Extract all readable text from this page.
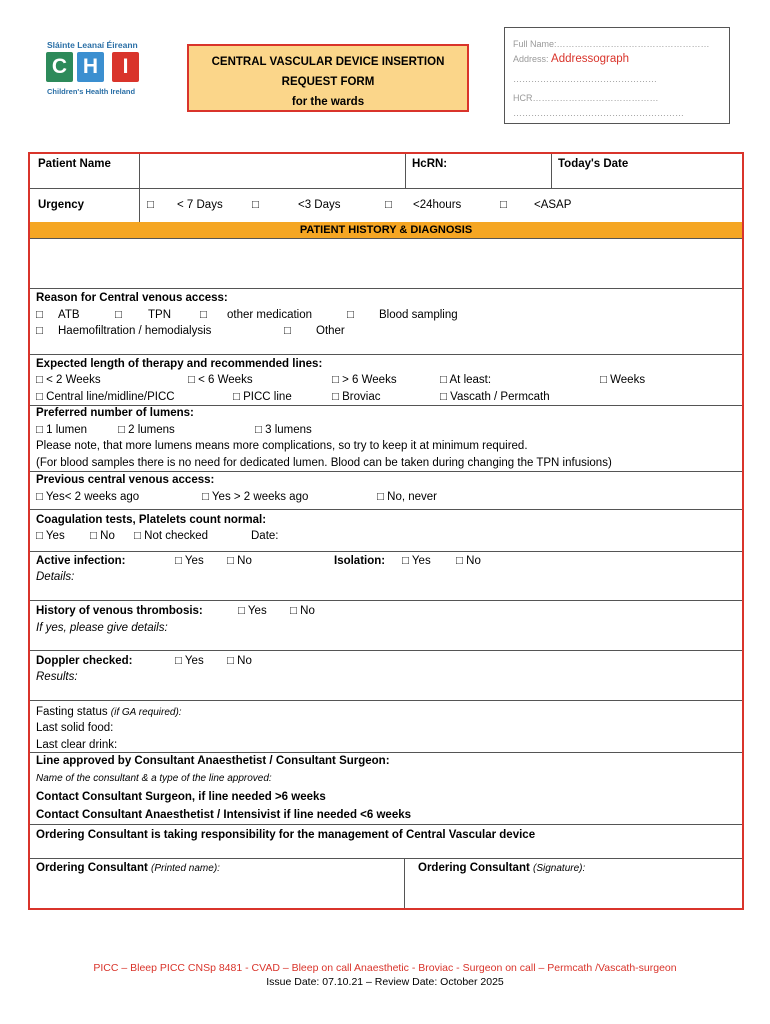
Sláinte Leanaí Éireann
C H	I
Children's Health Ireland
CENTRAL VASCULAR DEVICE INSERTION
REQUEST FORM
for the wards
Full Name:……………………………………………
Address: Addressograph
…………………………………………
HCR……………………………………
…………………………………………………
Patient Name	HcRN:	Today's Date
Urgency	□ < 7 Days	□	<3 Days	□ <24hours	□ <ASAP
PATIENT HISTORY & DIAGNOSIS
Reason for Central venous access:
□ ATB	□ TPN	□ other medication	□ Blood sampling
□ Haemofiltration / hemodialysis	□ Other
Expected length of therapy and recommended lines:
□ < 2 Weeks	□ < 6 Weeks	□ > 6 Weeks	□ At least:	□ Weeks
□ Central line/midline/PICC	□ PICC line	□ Broviac	□ Vascath / Permcath
Preferred number of lumens:
□ 1 lumen	□ 2 lumens	□ 3 lumens
Please note, that more lumens means more complications, so try to keep it at minimum required.
(For blood samples there is no need for dedicated lumen. Blood can be taken during changing the TPN infusions)
Previous central venous access:
□ Yes< 2 weeks ago	□ Yes > 2 weeks ago	□ No, never
Coagulation tests, Platelets count normal:
□ Yes □ No □ Not checked	Date:
Active infection:	□ Yes □ No	Isolation: □ Yes □ No
Details:
History of venous thrombosis:	□ Yes □ No
If yes, please give details:
Doppler checked:	□ Yes □ No
Results:
Fasting status (if GA required):
Last solid food:
Last clear drink:
Line approved by Consultant Anaesthetist / Consultant Surgeon:
Name of the consultant & a type of the line approved:
Contact Consultant Surgeon, if line needed >6 weeks
Contact Consultant Anaesthetist / Intensivist if line needed <6 weeks
Ordering Consultant is taking responsibility for the management of Central Vascular device
Ordering Consultant (Printed name):	Ordering Consultant (Signature):
PICC – Bleep PICC CNSp 8481 - CVAD – Bleep on call Anaesthetic - Broviac - Surgeon on call – Permcath /Vascath-surgeon
Issue Date: 07.10.21 – Review Date: October 2025
